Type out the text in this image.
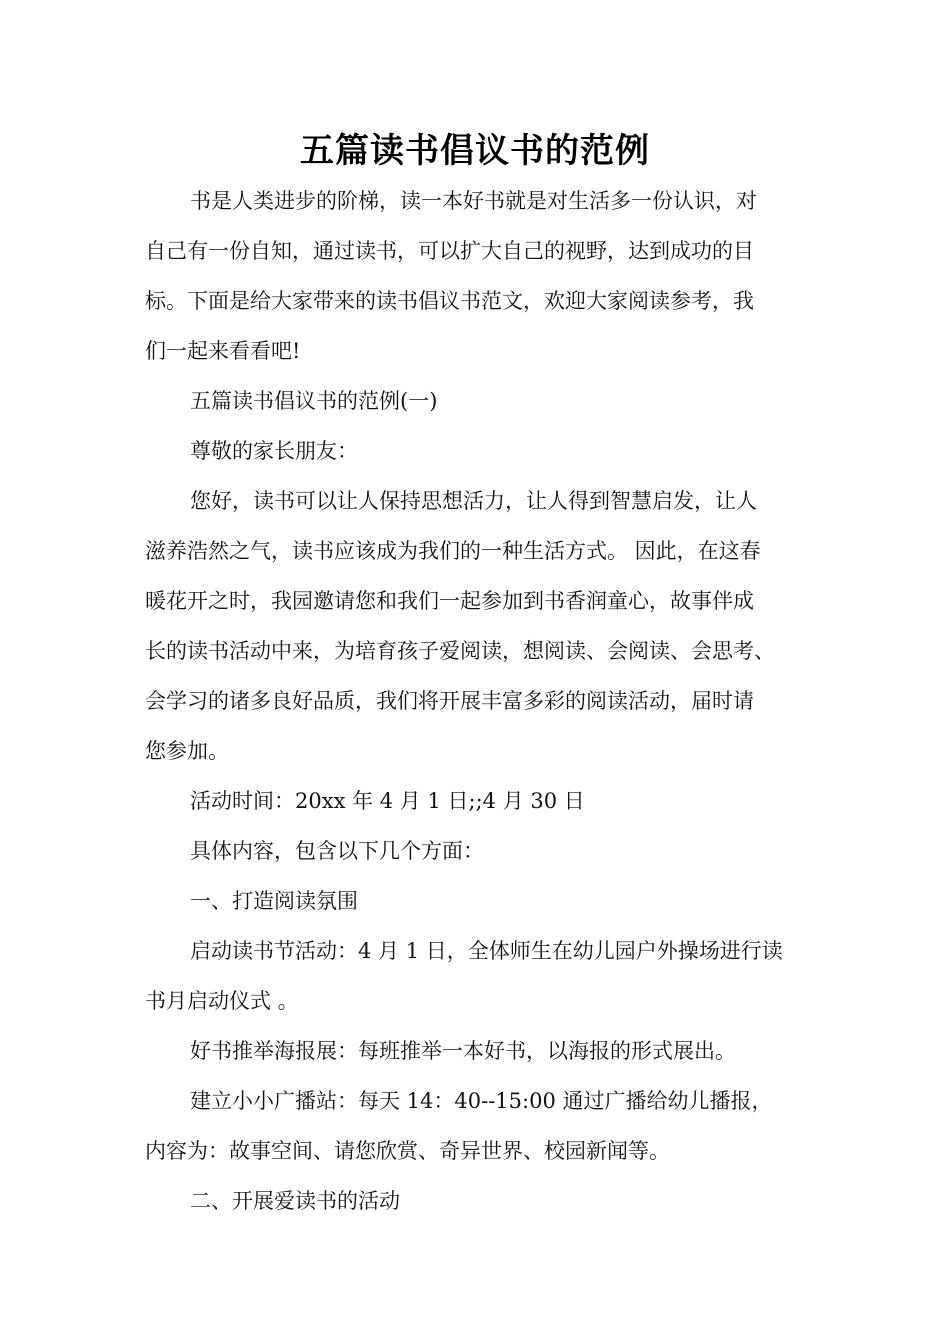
五篇读书倡议书的范例
书是人类进步的阶梯，读一本好书就是对生活多一份认识，对
自己有一份自知，通过读书，可以扩大自己的视野，达到成功的目
标。下面是给大家带来的读书倡议书范文，欢迎大家阅读参考，我
们一起来看看吧!
五篇读书倡议书的范例(一)
尊敬的家长朋友：
您好，读书可以让人保持思想活力，让人得到智慧启发，让人
滋养浩然之气，读书应该成为我们的一种生活方式。 因此，在这春
暖花开之时，我园邀请您和我们一起参加到书香润童心，故事伴成
长的读书活动中来，为培育孩子爱阅读，想阅读、会阅读、会思考、
会学习的诸多良好品质，我们将开展丰富多彩的阅读活动，届时请
您参加。
活动时间：20xx 年 4 月 1 日;;4 月 30 日
具体内容，包含以下几个方面：
一、打造阅读氛围
启动读书节活动：4 月 1 日，全体师生在幼儿园户外操场进行读
书月启动仪式 。
好书推举海报展：每班推举一本好书，以海报的形式展出。
建立小小广播站：每天 14：40--15:00 通过广播给幼儿播报，
内容为：故事空间、请您欣赏、奇异世界、校园新闻等。
二、开展爱读书的活动
